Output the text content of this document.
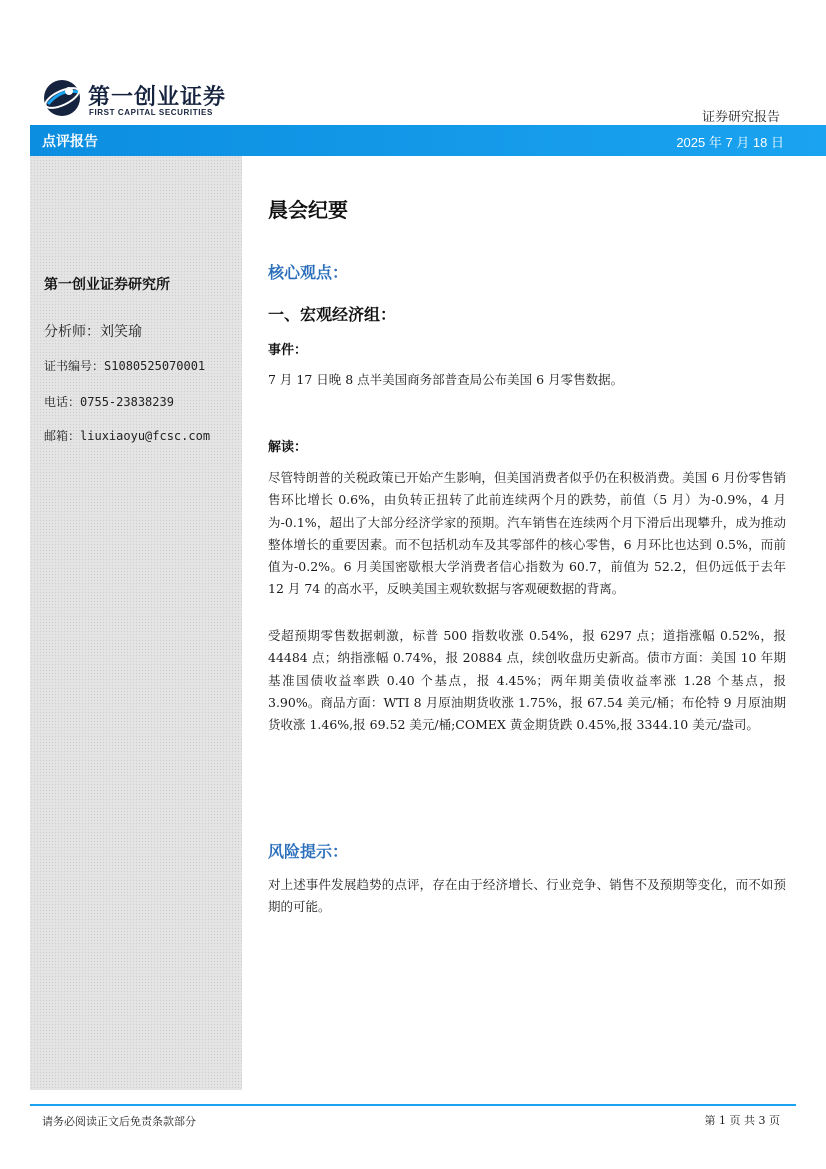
第一创业证券
FIRST CAPITAL SECURITIES	证券研究报告
点评报告	2025 年 7 月 18 日
第一创业证券研究所
分析师：刘笑瑜
证书编号：S1080525070001
电话：0755-23838239
邮箱：liuxiaoyu@fcsc.com
晨会纪要
核心观点：
一、宏观经济组：
事件：

7 月 17 日晚 8 点半美国商务部普查局公布美国 6 月零售数据。

解读：

尽管特朗普的关税政策已开始产生影响，但美国消费者似乎仍在积极消费。美国 6 月份零售销售环比增长 0.6%，由负转正扭转了此前连续两个月的跌势，前值（5 月）为-0.9%，4 月为-0.1%，超出了大部分经济学家的预期。汽车销售在连续两个月下滑后出现攀升，成为推动整体增长的重要因素。而不包括机动车及其零部件的核心零售，6 月环比也达到 0.5%，而前值为-0.2%。6 月美国密歇根大学消费者信心指数为 60.7，前值为 52.2，但仍远低于去年 12 月 74 的高水平，反映美国主观软数据与客观硬数据的背离。

受超预期零售数据刺激，标普 500 指数收涨 0.54%，报 6297 点；道指涨幅 0.52%，报 44484 点；纳指涨幅 0.74%，报 20884 点，续创收盘历史新高。债市方面：美国 10 年期基准国债收益率跌 0.40 个基点，报 4.45%；两年期美债收益率涨 1.28 个基点，报 3.90%。商品方面：WTI 8 月原油期货收涨 1.75%，报 67.54 美元/桶；布伦特 9 月原油期货收涨 1.46%,报 69.52 美元/桶;COMEX 黄金期货跌 0.45%,报 3344.10 美元/盎司。

风险提示：

对上述事件发展趋势的点评，存在由于经济增长、行业竞争、销售不及预期等变化，而不如预期的可能。

请务必阅读正文后免责条款部分	第 1 页 共 3 页
